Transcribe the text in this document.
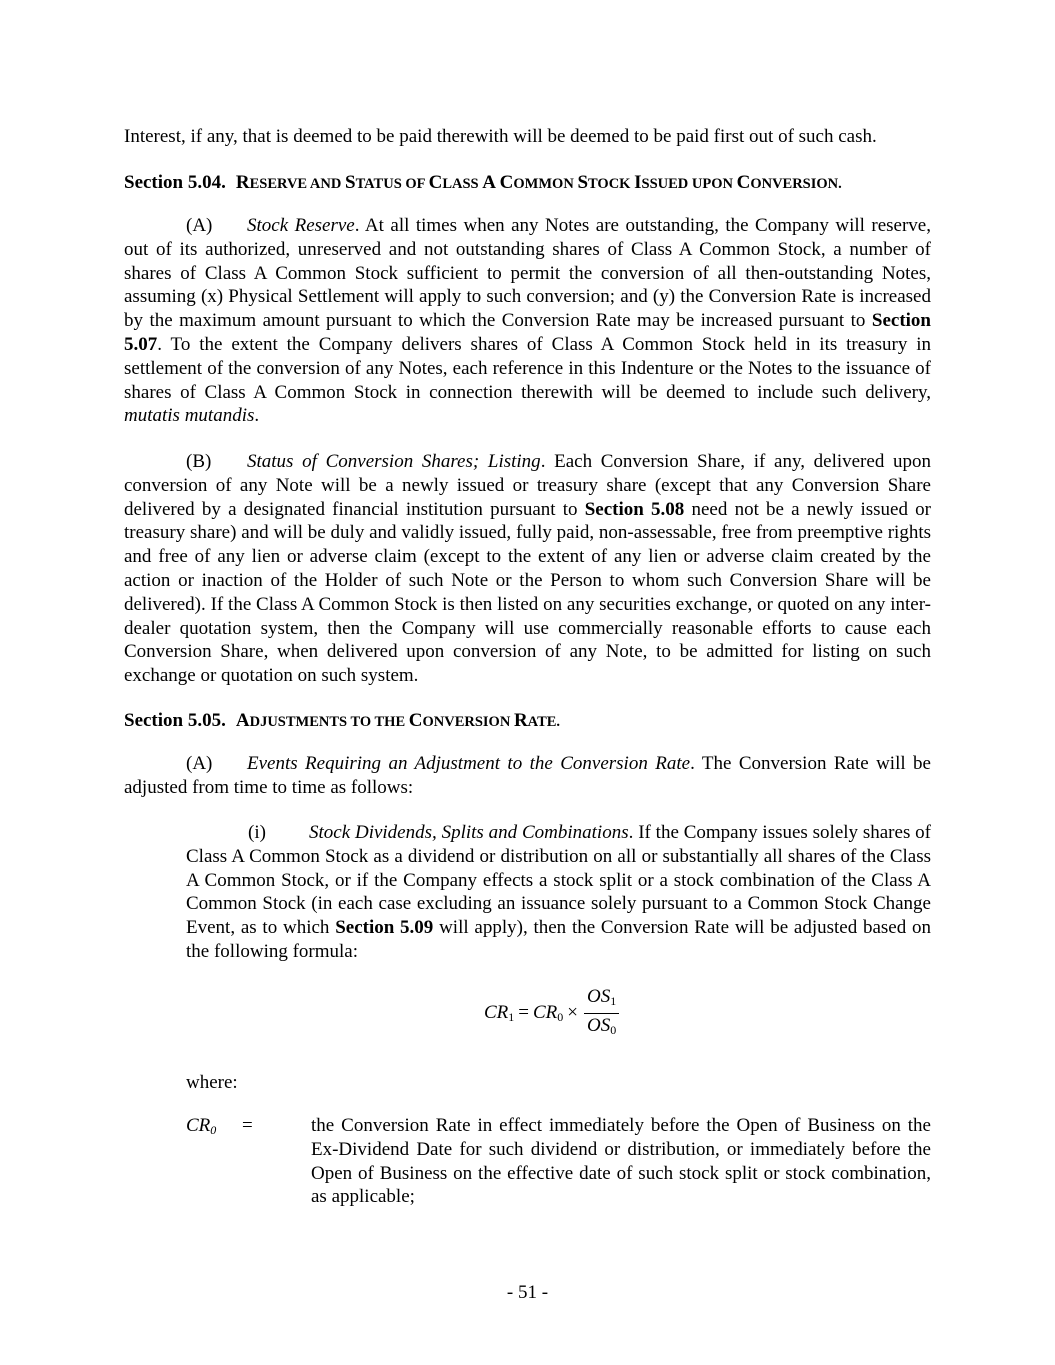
Interest, if any, that is deemed to be paid therewith will be deemed to be paid first out of such cash.

Section 5.04. RESERVE AND STATUS OF CLASS A COMMON STOCK ISSUED UPON CONVERSION.

(A) Stock Reserve. At all times when any Notes are outstanding, the Company will reserve, out of its authorized, unreserved and not outstanding shares of Class A Common Stock, a number of shares of Class A Common Stock sufficient to permit the conversion of all then-outstanding Notes, assuming (x) Physical Settlement will apply to such conversion; and (y) the Conversion Rate is increased by the maximum amount pursuant to which the Conversion Rate may be increased pursuant to Section 5.07. To the extent the Company delivers shares of Class A Common Stock held in its treasury in settlement of the conversion of any Notes, each reference in this Indenture or the Notes to the issuance of shares of Class A Common Stock in connection therewith will be deemed to include such delivery, mutatis mutandis.

(B) Status of Conversion Shares; Listing. Each Conversion Share, if any, delivered upon conversion of any Note will be a newly issued or treasury share (except that any Conversion Share delivered by a designated financial institution pursuant to Section 5.08 need not be a newly issued or treasury share) and will be duly and validly issued, fully paid, non-assessable, free from preemptive rights and free of any lien or adverse claim (except to the extent of any lien or adverse claim created by the action or inaction of the Holder of such Note or the Person to whom such Conversion Share will be delivered). If the Class A Common Stock is then listed on any securities exchange, or quoted on any inter-dealer quotation system, then the Company will use commercially reasonable efforts to cause each Conversion Share, when delivered upon conversion of any Note, to be admitted for listing on such exchange or quotation on such system.

Section 5.05. ADJUSTMENTS TO THE CONVERSION RATE.

(A) Events Requiring an Adjustment to the Conversion Rate. The Conversion Rate will be adjusted from time to time as follows:

(i) Stock Dividends, Splits and Combinations. If the Company issues solely shares of Class A Common Stock as a dividend or distribution on all or substantially all shares of the Class A Common Stock, or if the Company effects a stock split or a stock combination of the Class A Common Stock (in each case excluding an issuance solely pursuant to a Common Stock Change Event, as to which Section 5.09 will apply), then the Conversion Rate will be adjusted based on the following formula:

$CR1 = CR0 \times \frac{OS1}{OS0}$

where:

CR0 =	the Conversion Rate in effect immediately before the Open of Business on the Ex-Dividend Date for such dividend or distribution, or immediately before the Open of Business on the effective date of such stock split or stock combination, as applicable;

- 51 -
